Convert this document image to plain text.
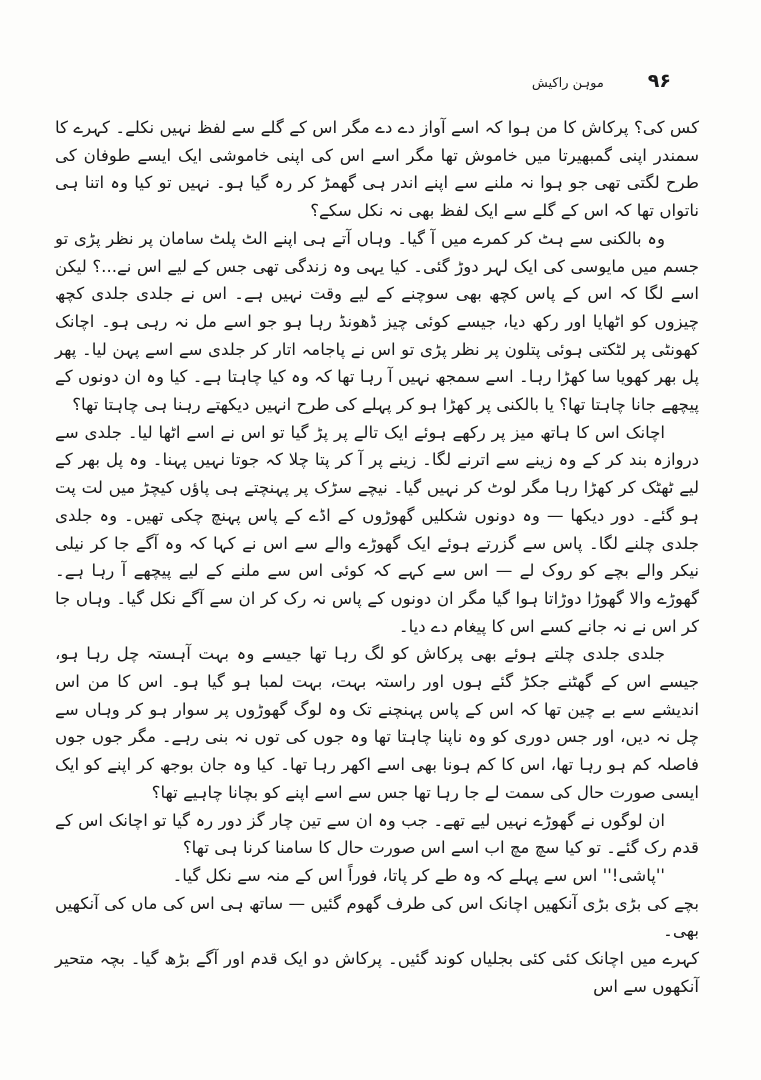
۹۶
موہن راکیش

کس کی؟ پرکاش کا من ہوا کہ اسے آواز دے دے مگر اس کے گلے سے لفظ نہیں نکلے۔ کہرے کا سمندر اپنی گمبھیرتا میں خاموش تھا مگر اسے اس کی اپنی خاموشی ایک ایسے طوفان کی طرح لگتی تھی جو ہوا نہ ملنے سے اپنے اندر ہی گھمڑ کر رہ گیا ہو۔ نہیں تو کیا وہ اتنا ہی ناتواں تھا کہ اس کے گلے سے ایک لفظ بھی نہ نکل سکے؟

وہ بالکنی سے ہٹ کر کمرے میں آ گیا۔ وہاں آتے ہی اپنے الٹ پلٹ سامان پر نظر پڑی تو جسم میں مایوسی کی ایک لہر دوڑ گئی۔ کیا یہی وہ زندگی تھی جس کے لیے اس نے...؟ لیکن اسے لگا کہ اس کے پاس کچھ بھی سوچنے کے لیے وقت نہیں ہے۔ اس نے جلدی جلدی کچھ چیزوں کو اٹھایا اور رکھ دیا، جیسے کوئی چیز ڈھونڈ رہا ہو جو اسے مل نہ رہی ہو۔ اچانک کھونٹی پر لٹکتی ہوئی پتلون پر نظر پڑی تو اس نے پاجامہ اتار کر جلدی سے اسے پہن لیا۔ پھر پل بھر کھویا سا کھڑا رہا۔ اسے سمجھ نہیں آ رہا تھا کہ وہ کیا چاہتا ہے۔ کیا وہ ان دونوں کے پیچھے جانا چاہتا تھا؟ یا بالکنی پر کھڑا ہو کر پہلے کی طرح انہیں دیکھتے رہنا ہی چاہتا تھا؟

اچانک اس کا ہاتھ میز پر رکھے ہوئے ایک تالے پر پڑ گیا تو اس نے اسے اٹھا لیا۔ جلدی سے دروازہ بند کر کے وہ زینے سے اترنے لگا۔ زینے پر آ کر پتا چلا کہ جوتا نہیں پہنا۔ وہ پل بھر کے لیے ٹھٹک کر کھڑا رہا مگر لوٹ کر نہیں گیا۔ نیچے سڑک پر پہنچتے ہی پاؤں کیچڑ میں لت پت ہو گئے۔ دور دیکھا — وہ دونوں شکلیں گھوڑوں کے اڈے کے پاس پہنچ چکی تھیں۔ وہ جلدی جلدی چلنے لگا۔ پاس سے گزرتے ہوئے ایک گھوڑے والے سے اس نے کہا کہ وہ آگے جا کر نیلی نیکر والے بچے کو روک لے — اس سے کہے کہ کوئی اس سے ملنے کے لیے پیچھے آ رہا ہے۔ گھوڑے والا گھوڑا دوڑاتا ہوا گیا مگر ان دونوں کے پاس نہ رک کر ان سے آگے نکل گیا۔ وہاں جا کر اس نے نہ جانے کسے اس کا پیغام دے دیا۔

جلدی جلدی چلتے ہوئے بھی پرکاش کو لگ رہا تھا جیسے وہ بہت آہستہ چل رہا ہو، جیسے اس کے گھٹنے جکڑ گئے ہوں اور راستہ بہت، بہت لمبا ہو گیا ہو۔ اس کا من اس اندیشے سے بے چین تھا کہ اس کے پاس پہنچنے تک وہ لوگ گھوڑوں پر سوار ہو کر وہاں سے چل نہ دیں، اور جس دوری کو وہ ناپنا چاہتا تھا وہ جوں کی توں نہ بنی رہے۔ مگر جوں جوں فاصلہ کم ہو رہا تھا، اس کا کم ہونا بھی اسے اکھر رہا تھا۔ کیا وہ جان بوجھ کر اپنے کو ایک ایسی صورت حال کی سمت لے جا رہا تھا جس سے اسے اپنے کو بچانا چاہیے تھا؟

ان لوگوں نے گھوڑے نہیں لیے تھے۔ جب وہ ان سے تین چار گز دور رہ گیا تو اچانک اس کے قدم رک گئے۔ تو کیا سچ مچ اب اسے اس صورت حال کا سامنا کرنا ہی تھا؟

''پاشی!'' اس سے پہلے کہ وہ طے کر پاتا، فوراً اس کے منہ سے نکل گیا۔

بچے کی بڑی بڑی آنکھیں اچانک اس کی طرف گھوم گئیں — ساتھ ہی اس کی ماں کی آنکھیں بھی۔

کہرے میں اچانک کئی کئی بجلیاں کوند گئیں۔ پرکاش دو ایک قدم اور آگے بڑھ گیا۔ بچہ متحیر آنکھوں سے اس
